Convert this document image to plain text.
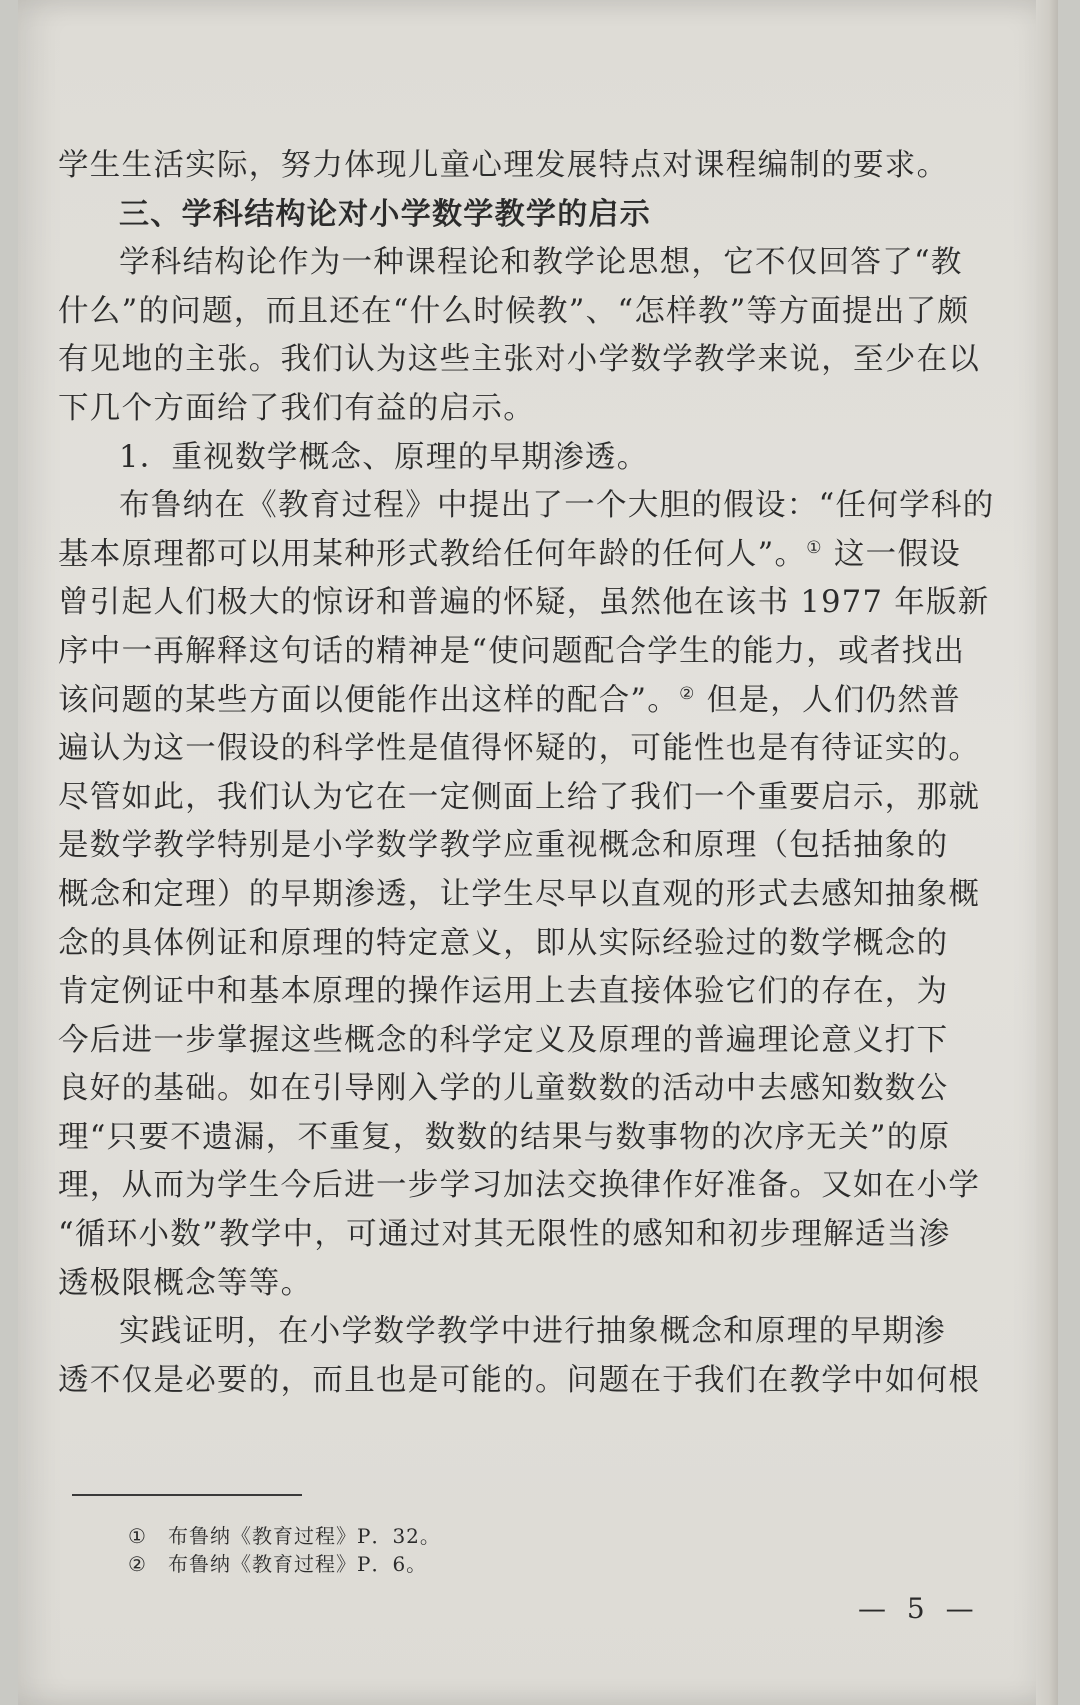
学生生活实际，努力体现儿童心理发展特点对课程编制的要求。
三、学科结构论对小学数学教学的启示
学科结构论作为一种课程论和教学论思想，它不仅回答了“教
什么”的问题，而且还在“什么时候教”、“怎样教”等方面提出了颇
有见地的主张。我们认为这些主张对小学数学教学来说，至少在以
下几个方面给了我们有益的启示。
1．重视数学概念、原理的早期渗透。
布鲁纳在《教育过程》中提出了一个大胆的假设：“任何学科的
基本原理都可以用某种形式教给任何年龄的任何人”。① 这一假设
曾引起人们极大的惊讶和普遍的怀疑，虽然他在该书 1977 年版新
序中一再解释这句话的精神是“使问题配合学生的能力，或者找出
该问题的某些方面以便能作出这样的配合”。② 但是，人们仍然普
遍认为这一假设的科学性是值得怀疑的，可能性也是有待证实的。
尽管如此，我们认为它在一定侧面上给了我们一个重要启示，那就
是数学教学特别是小学数学教学应重视概念和原理（包括抽象的
概念和定理）的早期渗透，让学生尽早以直观的形式去感知抽象概
念的具体例证和原理的特定意义，即从实际经验过的数学概念的
肯定例证中和基本原理的操作运用上去直接体验它们的存在，为
今后进一步掌握这些概念的科学定义及原理的普遍理论意义打下
良好的基础。如在引导刚入学的儿童数数的活动中去感知数数公
理“只要不遗漏，不重复，数数的结果与数事物的次序无关”的原
理，从而为学生今后进一步学习加法交换律作好准备。又如在小学
“循环小数”教学中，可通过对其无限性的感知和初步理解适当渗
透极限概念等等。
实践证明，在小学数学教学中进行抽象概念和原理的早期渗
透不仅是必要的，而且也是可能的。问题在于我们在教学中如何根
① 布鲁纳《教育过程》P．32。
② 布鲁纳《教育过程》P．6。
— 5 —
